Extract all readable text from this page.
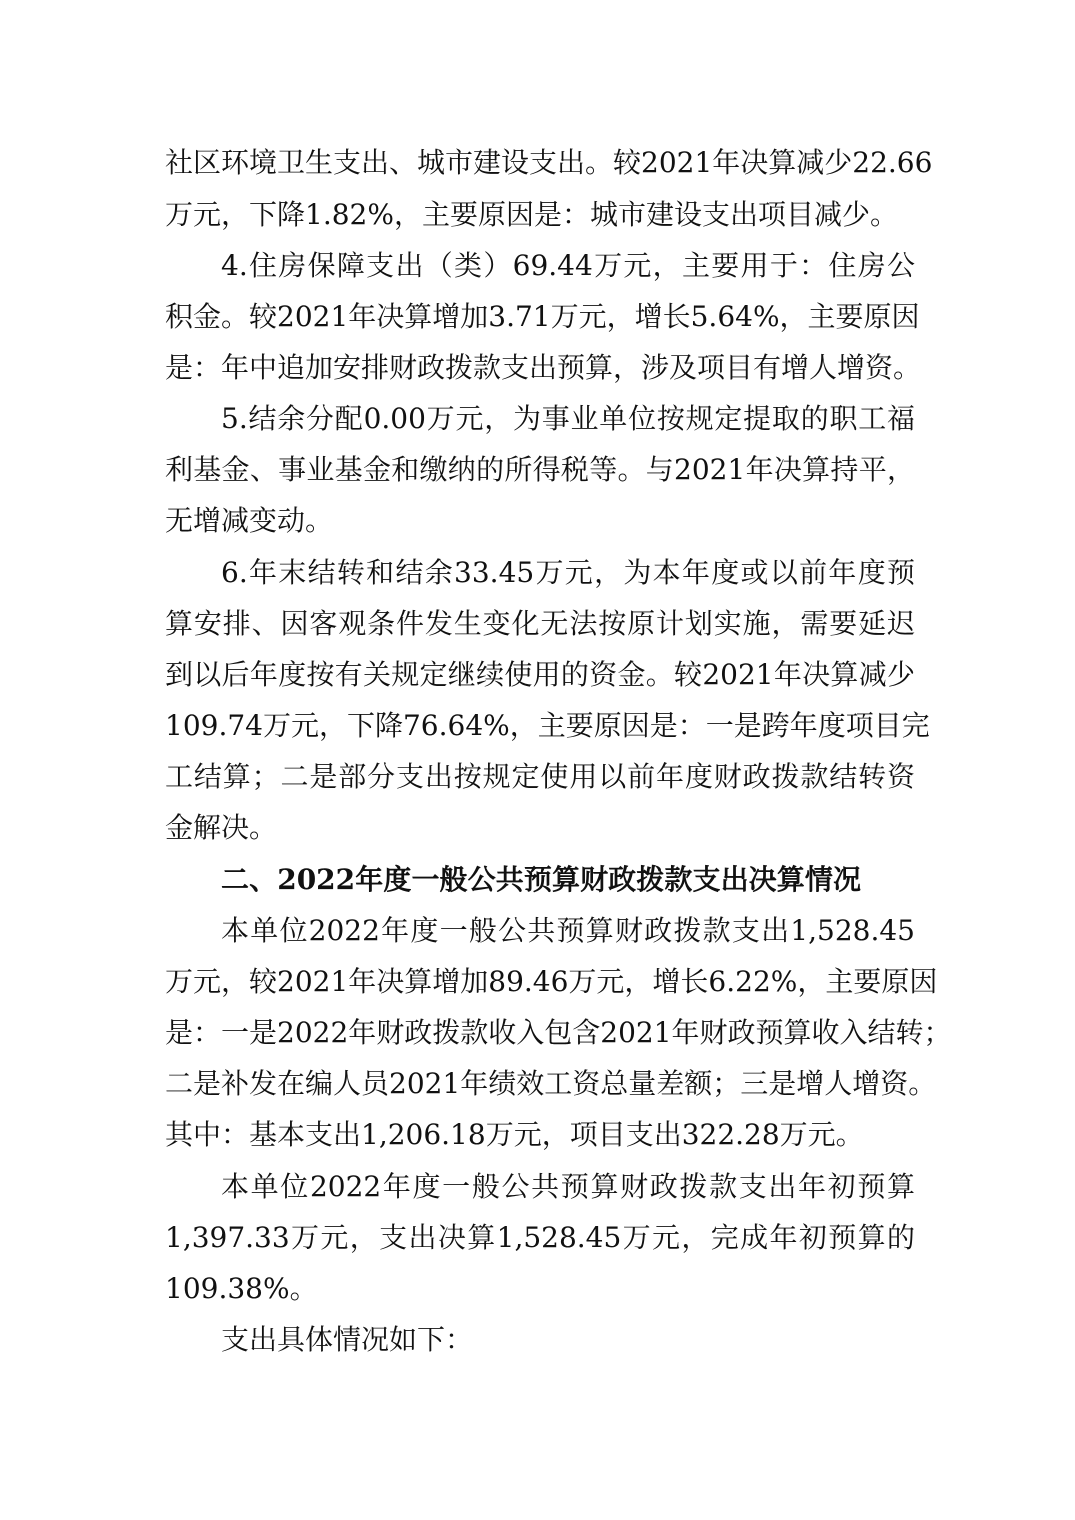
社区环境卫生支出、城市建设支出。较2021年决算减少22.66
万元，下降1.82%，主要原因是：城市建设支出项目减少。
4.住房保障支出（类）69.44万元，主要用于：住房公
积金。较2021年决算增加3.71万元，增长5.64%，主要原因
是：年中追加安排财政拨款支出预算，涉及项目有增人增资。
5.结余分配0.00万元，为事业单位按规定提取的职工福
利基金、事业基金和缴纳的所得税等。与2021年决算持平，
无增减变动。
6.年末结转和结余33.45万元，为本年度或以前年度预
算安排、因客观条件发生变化无法按原计划实施，需要延迟
到以后年度按有关规定继续使用的资金。较2021年决算减少
109.74万元，下降76.64%，主要原因是：一是跨年度项目完
工结算；二是部分支出按规定使用以前年度财政拨款结转资
金解决。
二、2022年度一般公共预算财政拨款支出决算情况
本单位2022年度一般公共预算财政拨款支出1,528.45
万元，较2021年决算增加89.46万元，增长6.22%，主要原因
是：一是2022年财政拨款收入包含2021年财政预算收入结转；
二是补发在编人员2021年绩效工资总量差额；三是增人增资。
其中：基本支出1,206.18万元，项目支出322.28万元。
本单位2022年度一般公共预算财政拨款支出年初预算
1,397.33万元，支出决算1,528.45万元，完成年初预算的
109.38%。
支出具体情况如下：
